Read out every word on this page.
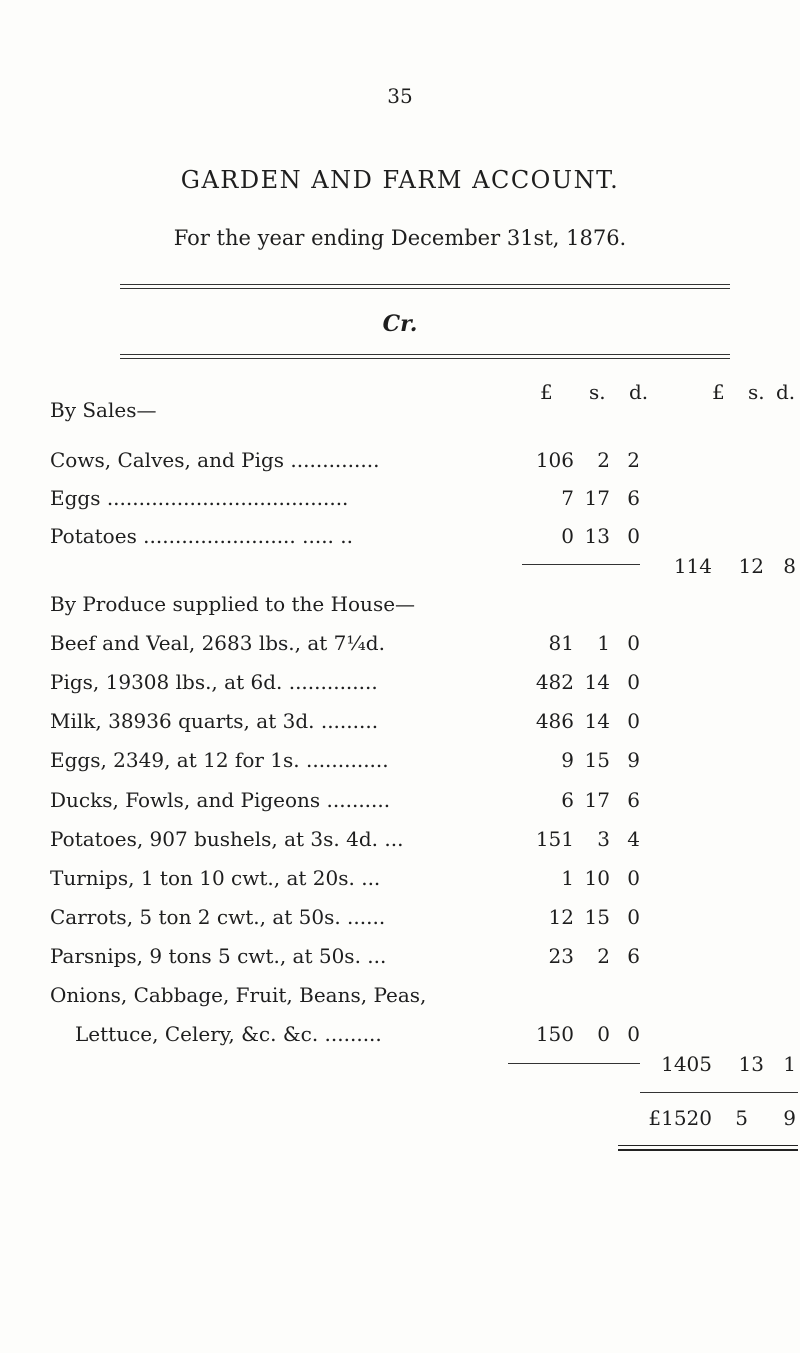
35
GARDEN AND FARM ACCOUNT.
For the year ending December 31st, 1876.
Cr.
£ s. d.	£ s. d.
By Sales—
Cows, Calves, and Pigs ..............	106	2 2
Eggs ......................................	7 17 6
Potatoes ........................ ..... ..	0 13 0
114	12 8
By Produce supplied to the House—
Beef and Veal, 2683 lbs., at 7¼d.	81	1 0
Pigs, 19308 lbs., at 6d. ..............	482 14 0
Milk, 38936 quarts, at 3d. .........	486 14 0
Eggs, 2349, at 12 for 1s. .............	9 15 9
Ducks, Fowls, and Pigeons ..........	6 17 6
Potatoes, 907 bushels, at 3s. 4d. ...	151	3 4
Turnips, 1 ton 10 cwt., at 20s. ...	1 10 0
Carrots, 5 ton 2 cwt., at 50s. ......	12 15 0
Parsnips, 9 tons 5 cwt., at 50s. ...	23	2 6
Onions, Cabbage, Fruit, Beans, Peas,
Lettuce, Celery, &c. &c. .........	150	0 0
1405	13 1
£1520	5	9
